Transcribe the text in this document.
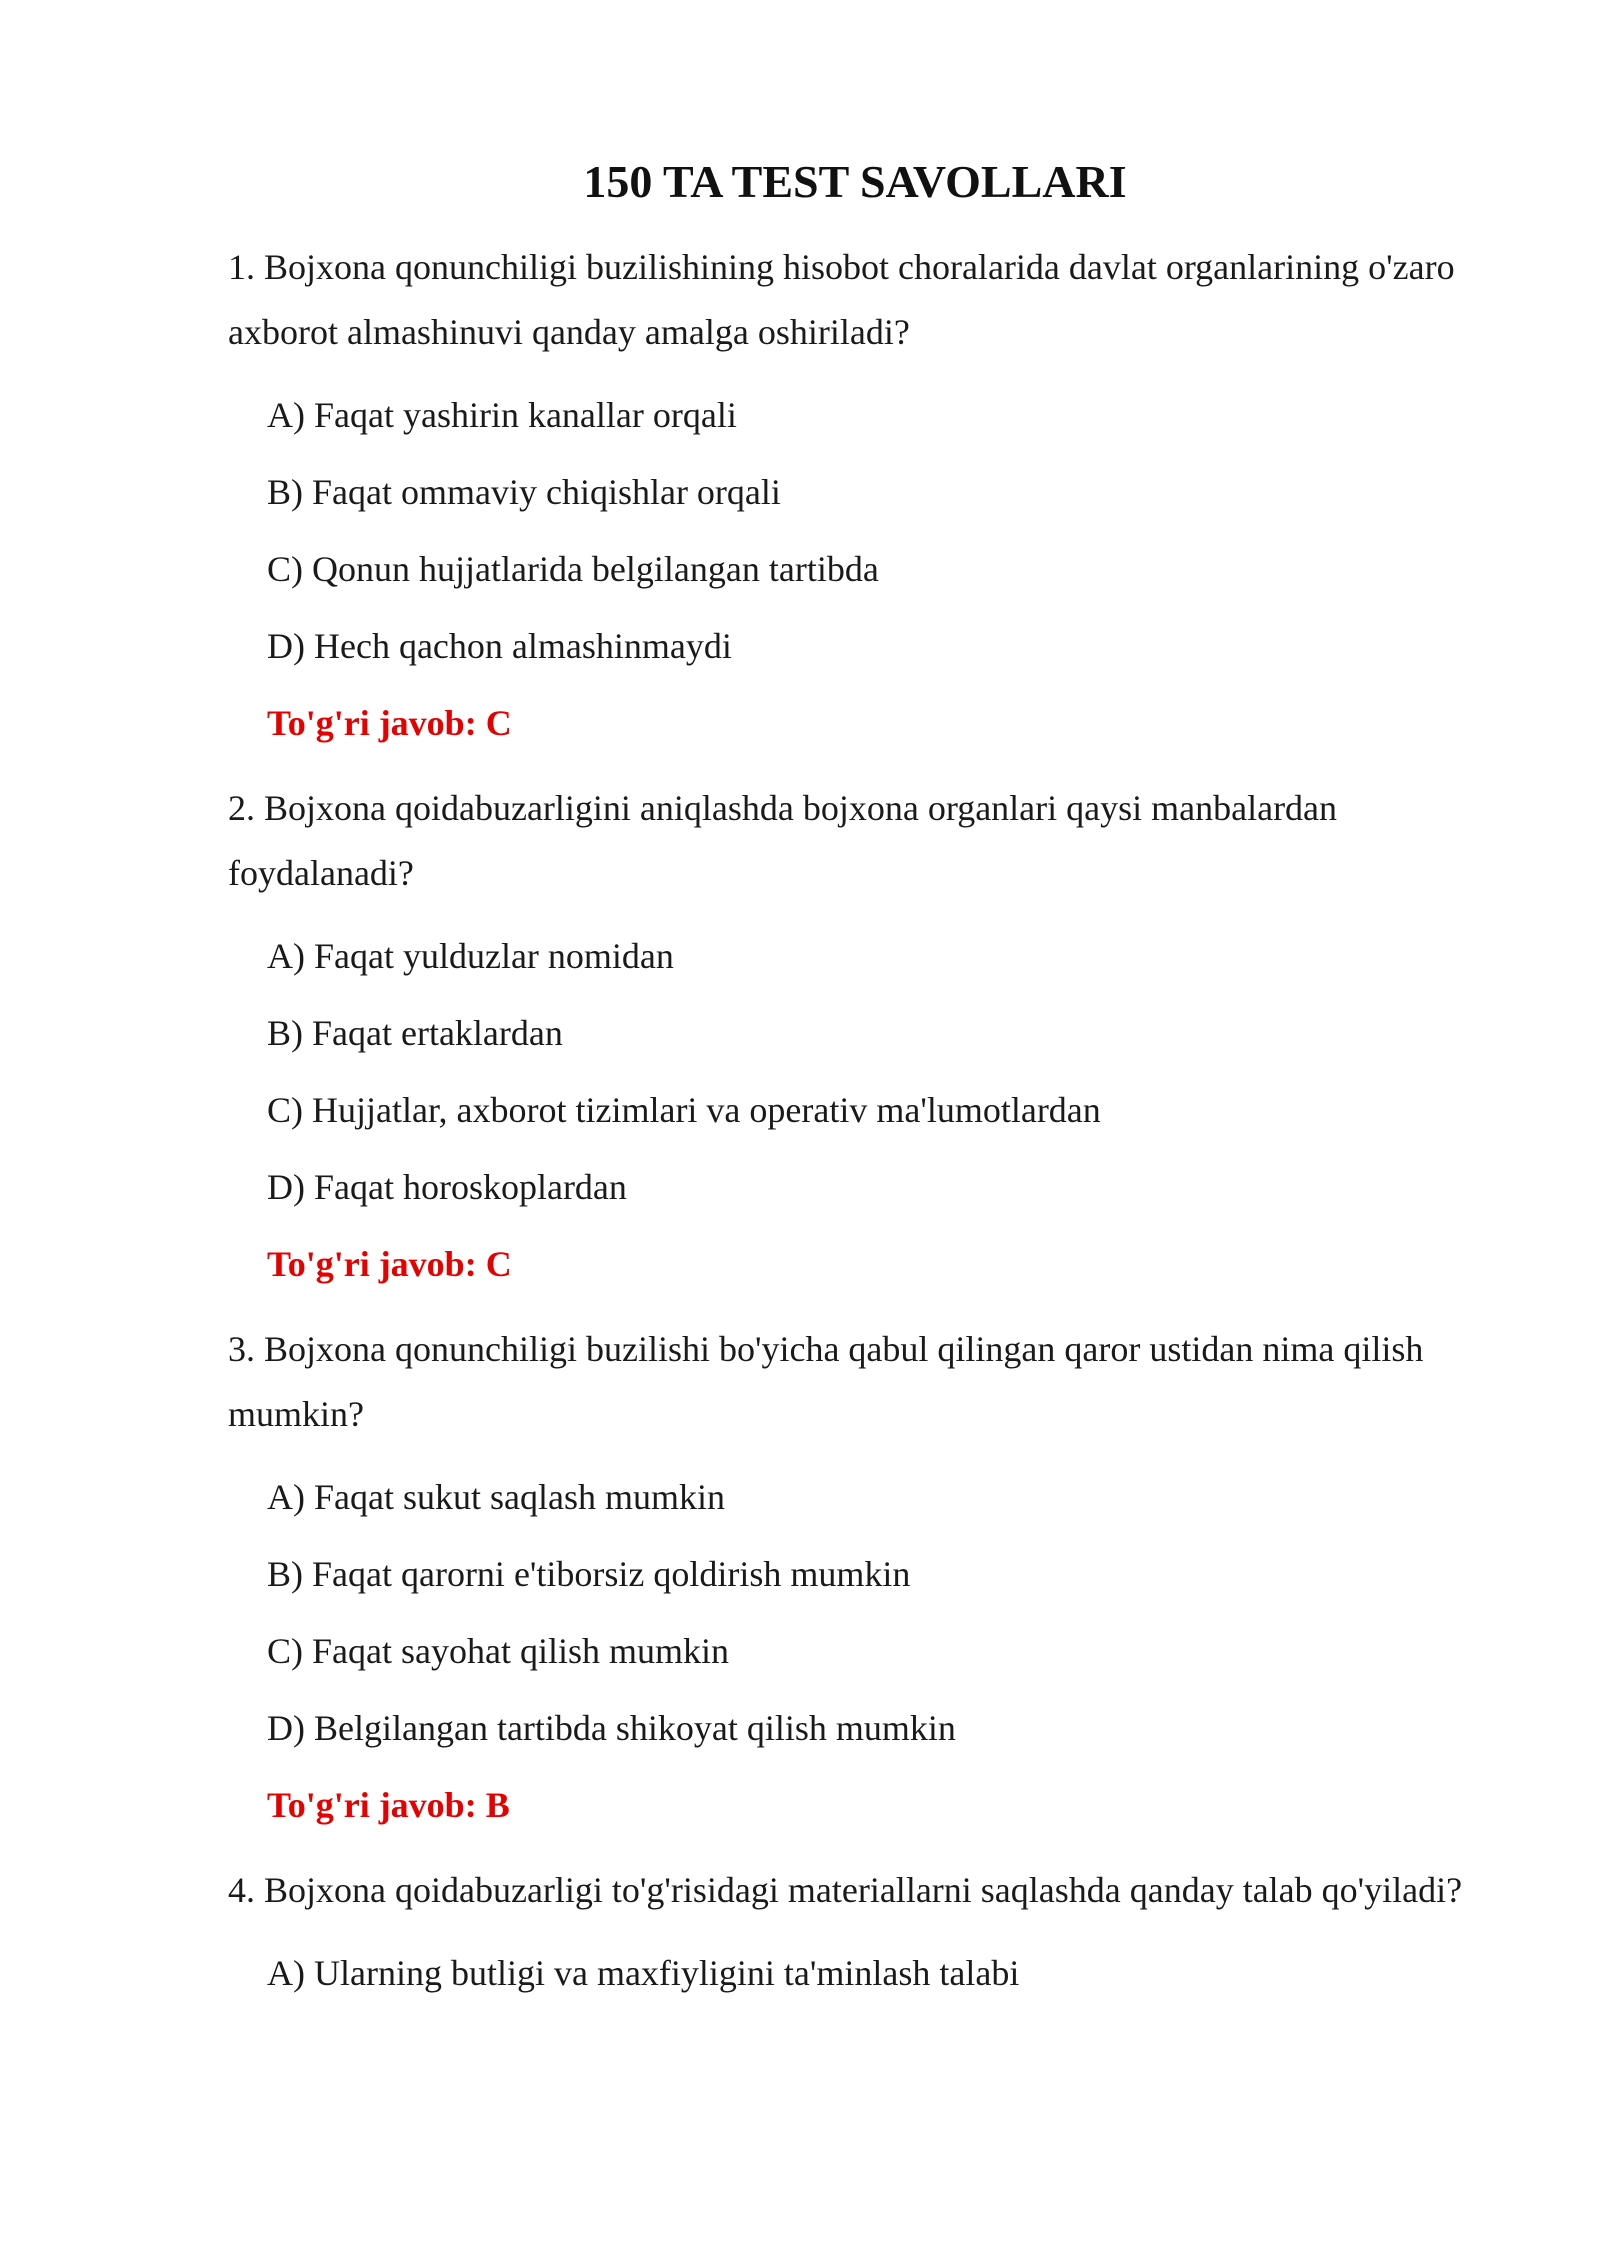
150 TA TEST SAVOLLARI

1. Bojxona qonunchiligi buzilishining hisobot choralarida davlat organlarining o'zaro axborot almashinuvi qanday amalga oshiriladi?

A) Faqat yashirin kanallar orqali
B) Faqat ommaviy chiqishlar orqali
C) Qonun hujjatlarida belgilangan tartibda
D) Hech qachon almashinmaydi
To'g'ri javob: C

2. Bojxona qoidabuzarligini aniqlashda bojxona organlari qaysi manbalardan foydalanadi?

A) Faqat yulduzlar nomidan
B) Faqat ertaklardan
C) Hujjatlar, axborot tizimlari va operativ ma'lumotlardan
D) Faqat horoskoplardan
To'g'ri javob: C

3. Bojxona qonunchiligi buzilishi bo'yicha qabul qilingan qaror ustidan nima qilish mumkin?

A) Faqat sukut saqlash mumkin
B) Faqat qarorni e'tiborsiz qoldirish mumkin
C) Faqat sayohat qilish mumkin
D) Belgilangan tartibda shikoyat qilish mumkin
To'g'ri javob: B

4. Bojxona qoidabuzarligi to'g'risidagi materiallarni saqlashda qanday talab qo'yiladi?

A) Ularning butligi va maxfiyligini ta'minlash talabi
